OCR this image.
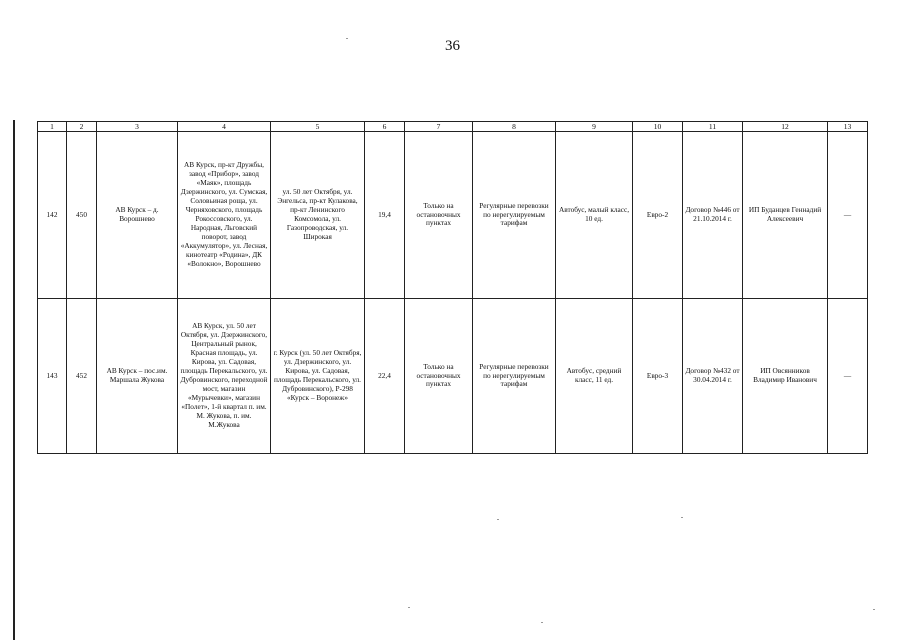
36
1	2	3	4	5	6	7	8	9	10	11	12	13
142	450	АВ Курск – д. Ворошнево	АВ Курск, пр-кт Дружбы, завод «Прибор», завод «Маяк», площадь Дзержинского, ул. Сумская, Соловьиная роща, ул. Черняховского, площадь Рокоссовского, ул. Народная, Льговский поворот, завод «Аккумулятор», ул. Лесная, кинотеатр «Родина», ДК «Волокно», Ворошнево	ул. 50 лет Октября, ул. Энгельса, пр-кт Кулакова, пр-кт Ленинского Комсомола, ул. Газопроводская, ул. Широкая	19,4	Только на остановочных пунктах	Регулярные перевозки по нерегулируемым тарифам	Автобус, малый класс, 10 ед.	Евро-2	Договор №446 от 21.10.2014 г.	ИП Буданцев Геннадий Алексеевич	—
143	452	АВ Курск – пос.им. Маршала Жукова	АВ Курск, ул. 50 лет Октября, ул. Дзержинского, Центральный рынок, Красная площадь, ул. Кирова, ул. Садовая, площадь Перекальского, ул. Дубровинского, переходной мост, магазин «Мурычевки», магазин «Полет», 1-й квартал п. им. М. Жукова, п. им. М.Жукова	г. Курск (ул. 50 лет Октября, ул. Дзержинского, ул. Кирова, ул. Садовая, площадь Перекальского, ул. Дубровинского), Р-298 «Курск – Воронеж»	22,4	Только на остановочных пунктах	Регулярные перевозки по нерегулируемым тарифам	Автобус, средний класс, 11 ед.	Евро-3	Договор №432 от 30.04.2014 г.	ИП Овсянников Владимир Иванович	—
